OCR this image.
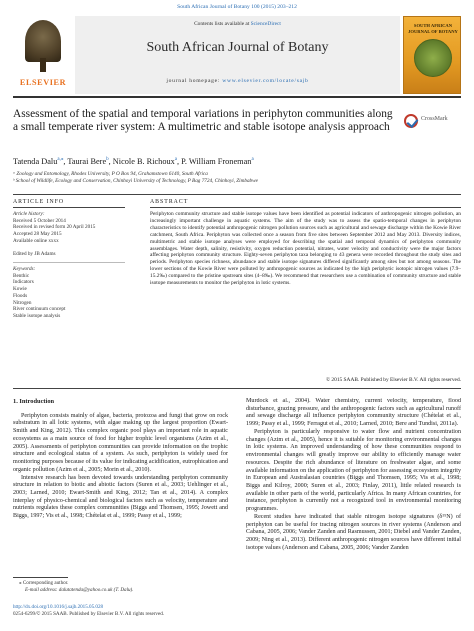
South African Journal of Botany 100 (2015) 203–212
ELSEVIER
Contents lists available at ScienceDirect
South African Journal of Botany
journal homepage: www.elsevier.com/locate/sajb
SOUTH AFRICAN JOURNAL OF BOTANY
Assessment of the spatial and temporal variations in periphyton communities along a small temperate river system: A multimetric and stable isotope analysis approach
CrossMark
Tatenda Dalu$^{a,⁎}$, Taurai Bere$^b$, Nicole B. Richoux$^a$, P. William Froneman$^a$
ᵃ Zoology and Entomology, Rhodes University, P O Box 94, Grahamstown 6140, South Africa
ᵇ School of Wildlife, Ecology and Conservation, Chinhoyi University of Technology, P Bag 7724, Chinhoyi, Zimbabwe
ARTICLE INFO	ABSTRACT
Article history:
Received 5 October 2014
Received in revised form 20 April 2015
Accepted 28 May 2015
Available online xxxx
Edited by JB Adams
Keywords:
Benthic
Indicators
Kowie
Floods
Nitrogen
River continuum concept
Stable isotope analysis
Periphyton community structure and stable isotope values have been identified as potential indicators of anthropogenic nitrogen pollution, an increasingly important challenge in aquatic systems. The aim of the study was to assess the spatio-temporal changes in periphyton characteristics to identify potential anthropogenic nitrogen pollution sources such as agricultural and sewage discharge within the Kowie River catchment, South Africa. Periphyton was collected once a season from five sites between September 2012 and May 2013. Diversity indices, multimetric and stable isotope analyses were employed for describing the spatial and temporal dynamics of periphyton community assemblages. Water depth, salinity, resistivity, oxygen reduction potential, nitrates, water velocity and conductivity were the major factors affecting periphyton community structure. Eighty-seven periphyton taxa belonging to 43 genera were recorded throughout the study sites and periods. Periphyton species richness, abundance and stable isotope signatures differed significantly among sites but not among seasons. The lower sections of the Kowie River were polluted by anthropogenic sources as indicated by the high periphytic isotopic nitrogen values (7.9–15.2‰) compared to the pristine upstream sites (4–8‰). We recommend that researchers use a combination of community structure and stable isotope measurements to monitor the periphyton in lotic systems.
© 2015 SAAB. Published by Elsevier B.V. All rights reserved.
1. Introduction

Periphyton consists mainly of algae, bacteria, protozoa and fungi that grow on rock substratum in all lotic systems, with algae making up the largest proportion (Ewart-Smith and King, 2012). This complex organic pool plays an important role in aquatic ecosystems as a main source of food for higher trophic level organisms (Azim et al., 2005). Assessments of periphyton communities can provide information on the trophic structure and ecological status of a system. As such, periphyton is widely used for monitoring purposes because of its value for indicating acidification, eutrophication and organic pollution (Azim et al., 2005; Morin et al., 2010).

Intensive research has been devoted towards understanding periphyton community structure in relation to biotic and abiotic factors (Suren et al., 2003; Uehlinger et al., 2003; Larned, 2010; Ewart-Smith and King, 2012; Tan et al., 2014). A complex interplay of physico-chemical and biological factors such as velocity, temperature and nutrients regulates these complex communities (Biggs and Thomsen, 1995; Jowett and Biggs, 1997; Vis et al., 1998; Chételat et al., 1999; Passy et al., 1999;

Murdock et al., 2004). Water chemistry, current velocity, temperature, flood disturbance, grazing pressure, and the anthropogenic factors such as agricultural runoff and sewage discharge all influence periphyton community structure (Chételat et al., 1999; Passy et al., 1999; Ferragut et al., 2010; Larned, 2010; Bere and Tundisi, 2011a).

Periphyton is particularly responsive to water flow and nutrient concentration changes (Azim et al., 2005), hence it is suitable for monitoring environmental changes in lotic systems. An improved understanding of how these communities respond to environmental changes will greatly improve our ability to efficiently manage water resources. Despite the rich abundance of literature on freshwater algae, and some available information on the application of periphyton for assessing ecosystem integrity in European and Australasian countries (Biggs and Thomsen, 1995; Vis et al., 1998; Biggs and Kilroy, 2000; Suren et al., 2003; Finlay, 2011), little related research is available in other parts of the world, particularly Africa. In many African countries, for instance, periphyton is currently not a recognized tool in environmental monitoring programmes.

Recent studies have indicated that stable nitrogen isotope signatures (δ¹⁵N) of periphyton can be useful for tracing nitrogen sources in river systems (Anderson and Cabana, 2005, 2006; Vander Zanden and Rasmussen, 2001; Diebel and Vander Zanden, 2009; Ning et al., 2013). Different anthropogenic nitrogen sources have different initial isotope values (Anderson and Cabana, 2005, 2006; Vander Zanden

⁎ Corresponding author.
E-mail address: dalutatenda@yahoo.co.uk (T. Dalu).
http://dx.doi.org/10.1016/j.sajb.2015.05.028
0254-6299/© 2015 SAAB. Published by Elsevier B.V. All rights reserved.
